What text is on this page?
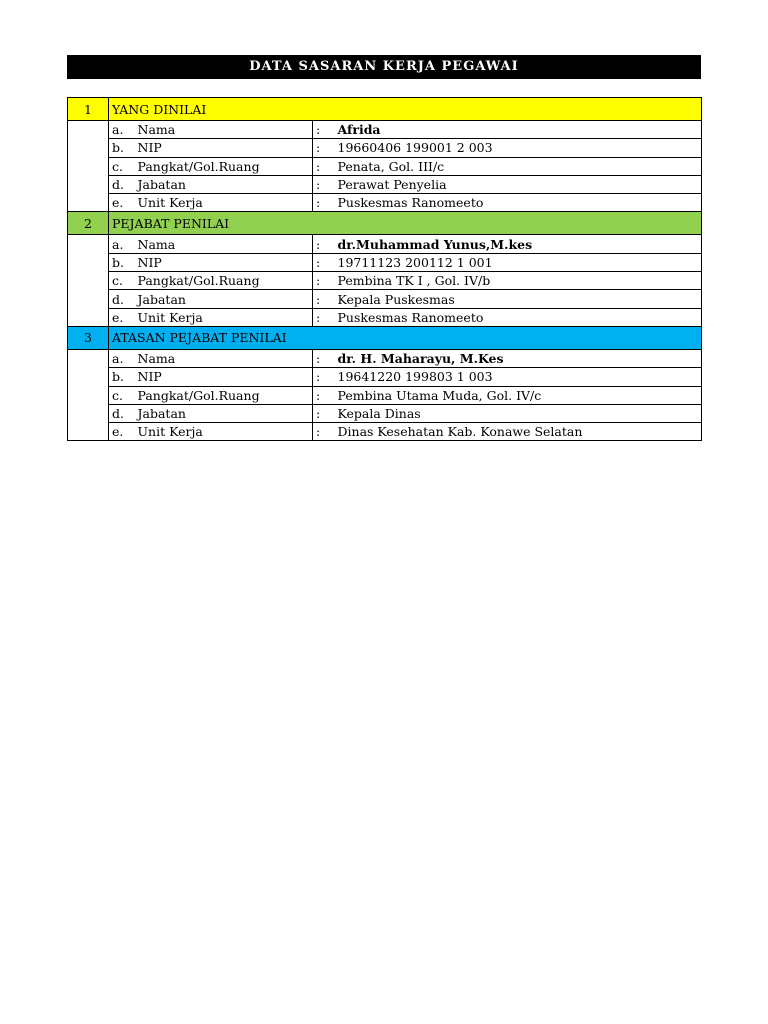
DATA SASARAN KERJA PEGAWAI
1	YANG DINILAI			
	a.	Nama	:	Afrida
	b.	NIP	:	19660406 199001 2 003
	c.	Pangkat/Gol.Ruang	:	Penata, Gol. III/c
	d.	Jabatan	:	Perawat Penyelia
	e.	Unit Kerja	:	Puskesmas Ranomeeto
2	PEJABAT PENILAI			
	a.	Nama	:	dr.Muhammad Yunus,M.kes
	b.	NIP	:	19711123 200112 1 001
	c.	Pangkat/Gol.Ruang	:	Pembina TK I , Gol. IV/b
	d.	Jabatan	:	Kepala Puskesmas
	e.	Unit Kerja	:	Puskesmas Ranomeeto
3	ATASAN PEJABAT PENILAI			
	a.	Nama	:	dr. H. Maharayu, M.Kes
	b.	NIP	:	19641220 199803 1 003
	c.	Pangkat/Gol.Ruang	:	Pembina Utama Muda, Gol. IV/c
	d.	Jabatan	:	Kepala Dinas
	e.	Unit Kerja	:	Dinas Kesehatan Kab. Konawe Selatan
